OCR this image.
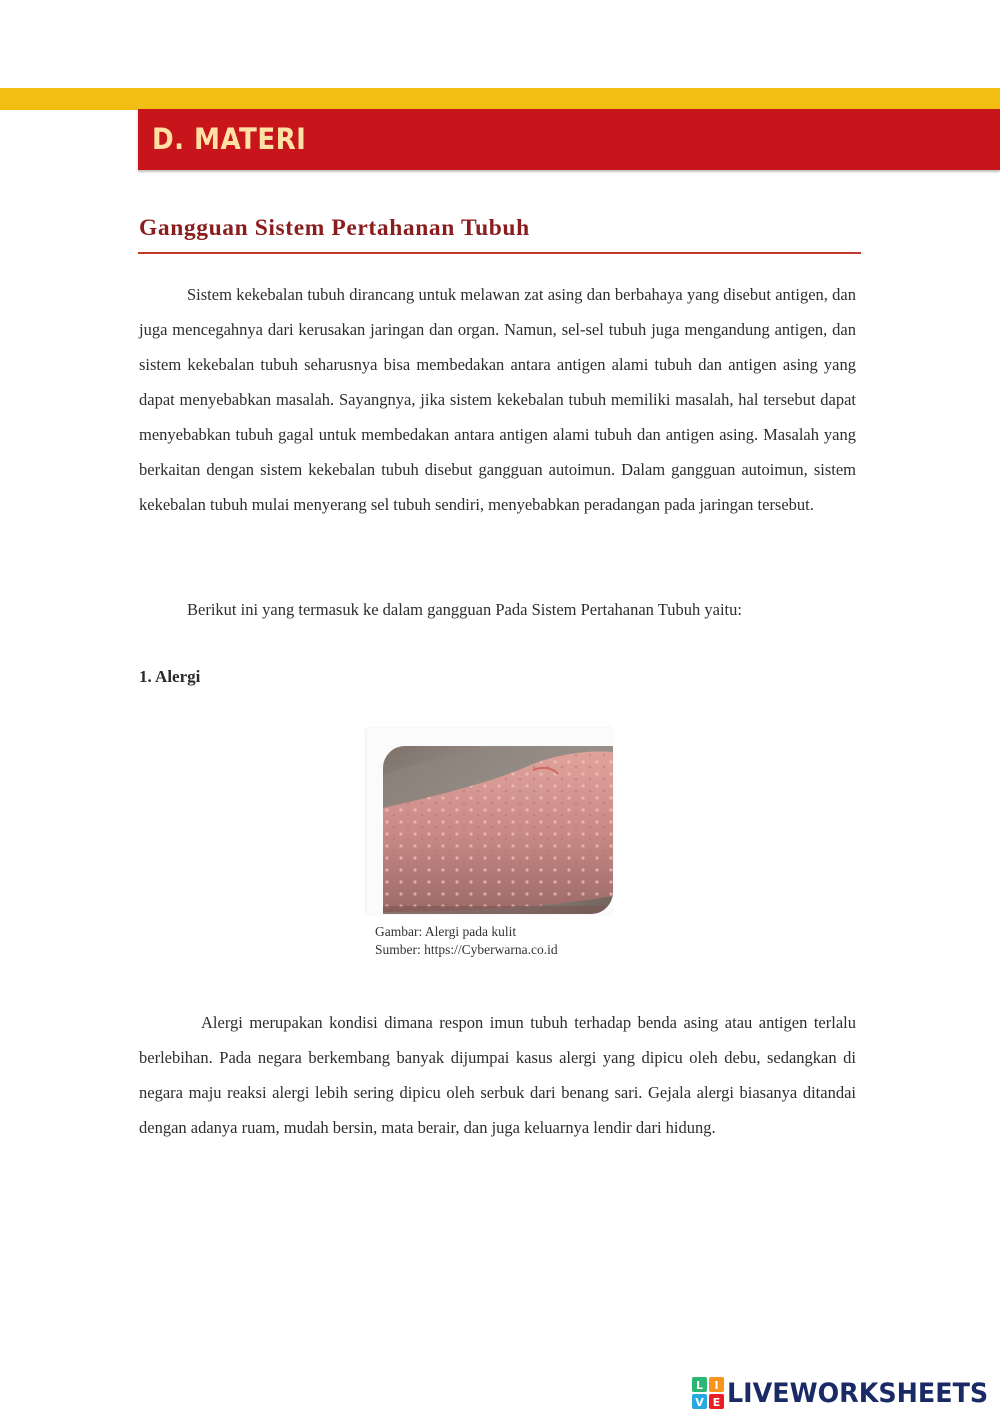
D. MATERI
Gangguan Sistem Pertahanan Tubuh

Sistem kekebalan tubuh dirancang untuk melawan zat asing dan berbahaya yang disebut antigen, dan juga mencegahnya dari kerusakan jaringan dan organ. Namun, sel-sel tubuh juga mengandung antigen, dan sistem kekebalan tubuh seharusnya bisa membedakan antara antigen alami tubuh dan antigen asing yang dapat menyebabkan masalah. Sayangnya, jika sistem kekebalan tubuh memiliki masalah, hal tersebut dapat menyebabkan tubuh gagal untuk membedakan antara antigen alami tubuh dan antigen asing. Masalah yang berkaitan dengan sistem kekebalan tubuh disebut gangguan autoimun. Dalam gangguan autoimun, sistem kekebalan tubuh mulai menyerang sel tubuh sendiri, menyebabkan peradangan pada jaringan tersebut.

Berikut ini yang termasuk ke dalam gangguan Pada Sistem Pertahanan Tubuh yaitu:

1. Alergi
Gambar: Alergi pada kulit
Sumber: https://Cyberwarna.co.id

Alergi merupakan kondisi dimana respon imun tubuh terhadap benda asing atau antigen terlalu berlebihan. Pada negara berkembang banyak dijumpai kasus alergi yang dipicu oleh debu, sedangkan di negara maju reaksi alergi lebih sering dipicu oleh serbuk dari benang sari. Gejala alergi biasanya ditandai dengan adanya ruam, mudah bersin, mata berair, dan juga keluarnya lendir dari hidung.

L I
V E LIVEWORKSHEETS
